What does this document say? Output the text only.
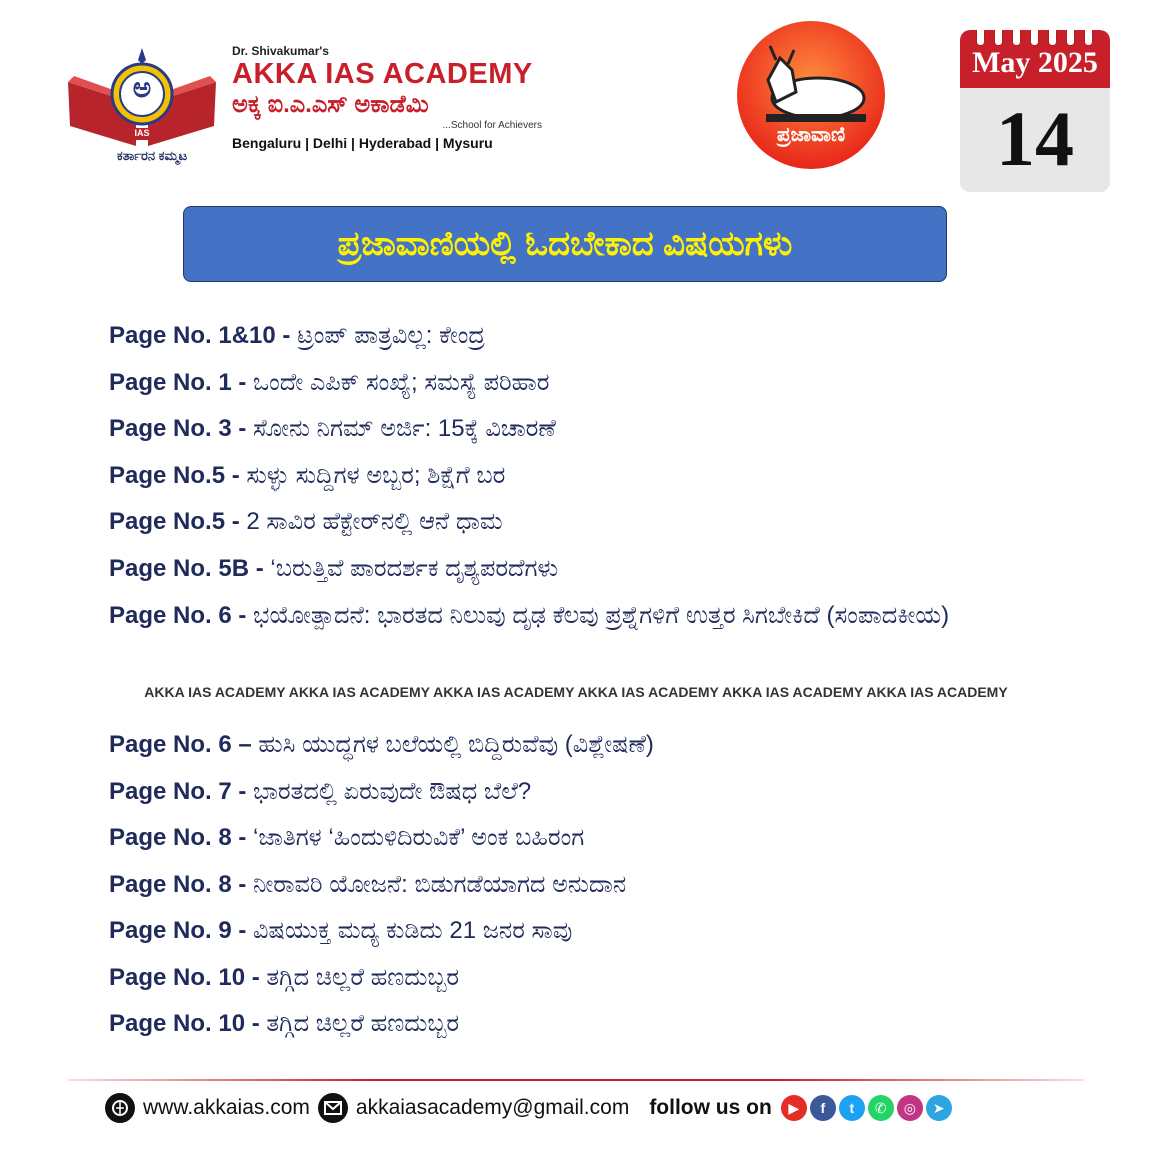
ಅ
IAS
ಕರ್ತಾರನ ಕಮ್ಮಟ
Dr. Shivakumar's
AKKA IAS ACADEMY
ಅಕ್ಕ ಐ.ಎ.ಎಸ್ ಅಕಾಡೆಮಿ
...School for Achievers
Bengaluru | Delhi | Hyderabad | Mysuru	ಪ್ರಜಾವಾಣಿ
May 2025
14
ಪ್ರಜಾವಾಣಿಯಲ್ಲಿ ಓದಬೇಕಾದ ವಿಷಯಗಳು
Page No. 1&10 - ಟ್ರಂಪ್ ಪಾತ್ರವಿಲ್ಲ: ಕೇಂದ್ರ
Page No. 1 - ಒಂದೇ ಎಪಿಕ್ ಸಂಖ್ಯೆ; ಸಮಸ್ಯೆ ಪರಿಹಾರ
Page No. 3 - ಸೋನು ನಿಗಮ್ ಅರ್ಜಿ: 15ಕ್ಕೆ ವಿಚಾರಣೆ
Page No.5 - ಸುಳ್ಳು ಸುದ್ದಿಗಳ ಅಬ್ಬರ; ಶಿಕ್ಷೆಗೆ ಬರ
Page No.5 - 2 ಸಾವಿರ ಹೆಕ್ಟೇರ್‌ನಲ್ಲಿ ಆನೆ ಧಾಮ
Page No. 5B - ‘ಬರುತ್ತಿವೆ ಪಾರದರ್ಶಕ ದೃಶ್ಯಪರದೆಗಳು
Page No. 6 - ಭಯೋತ್ಪಾದನೆ: ಭಾರತದ ನಿಲುವು ದೃಢ ಕೆಲವು ಪ್ರಶ್ನೆಗಳಿಗೆ ಉತ್ತರ ಸಿಗಬೇಕಿದೆ (ಸಂಪಾದಕೀಯ)
AKKA IAS ACADEMY AKKA IAS ACADEMY AKKA IAS ACADEMY AKKA IAS ACADEMY AKKA IAS ACADEMY AKKA IAS ACADEMY
Page No. 6 – ಹುಸಿ ಯುದ್ಧಗಳ ಬಲೆಯಲ್ಲಿ ಬಿದ್ದಿರುವೆವು (ವಿಶ್ಲೇಷಣೆ)
Page No. 7 - ಭಾರತದಲ್ಲಿ ಏರುವುದೇ ಔಷಧ ಬೆಲೆ?
Page No. 8 - ‘ಜಾತಿಗಳ ‘ಹಿಂದುಳಿದಿರುವಿಕೆ’ ಅಂಕ ಬಹಿರಂಗ
Page No. 8 - ನೀರಾವರಿ ಯೋಜನೆ: ಬಿಡುಗಡೆಯಾಗದ ಅನುದಾನ
Page No. 9 - ವಿಷಯುಕ್ತ ಮದ್ಯ ಕುಡಿದು 21 ಜನರ ಸಾವು
Page No. 10 - ತಗ್ಗಿದ ಚಿಲ್ಲರೆ ಹಣದುಬ್ಬರ
Page No. 10 - ತಗ್ಗಿದ ಚಿಲ್ಲರೆ ಹಣದುಬ್ಬರ
www.akkaias.com akkaiasacademy@gmail.com follow us on	▶	f	t	✆	◎	➤
